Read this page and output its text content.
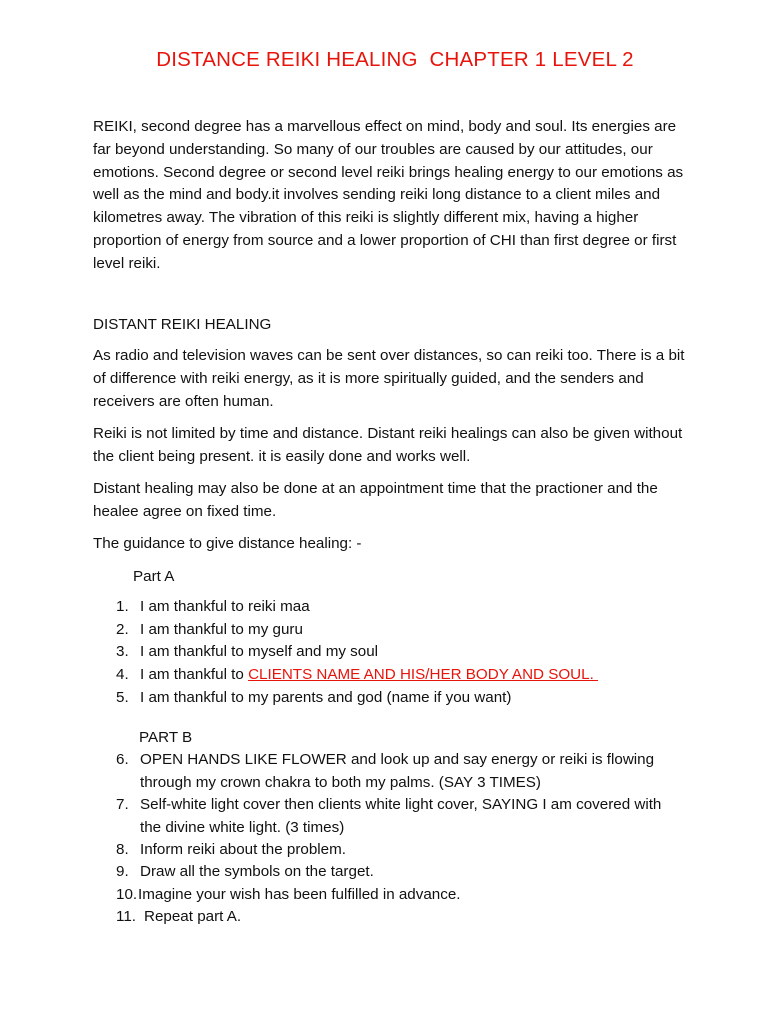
DISTANCE REIKI HEALING  CHAPTER 1 LEVEL 2

REIKI, second degree has a marvellous effect on mind, body and soul. Its energies are far beyond understanding. So many of our troubles are caused by our attitudes, our emotions. Second degree or second level reiki brings healing energy to our emotions as well as the mind and body.it involves sending reiki long distance to a client miles and kilometres away. The vibration of this reiki is slightly different mix, having a higher proportion of energy from source and a lower proportion of CHI than first degree or first level reiki.

DISTANT REIKI HEALING

As radio and television waves can be sent over distances, so can reiki too. There is a bit of difference with reiki energy, as it is more spiritually guided, and the senders and receivers are often human.

Reiki is not limited by time and distance. Distant reiki healings can also be given without the client being present. it is easily done and works well.

Distant healing may also be done at an appointment time that the practioner and the healee agree on fixed time.

The guidance to give distance healing: -

Part A

1. I am thankful to reiki maa
2. I am thankful to my guru
3. I am thankful to myself and my soul
4. I am thankful to CLIENTS NAME AND HIS/HER BODY AND SOUL.
5. I am thankful to my parents and god (name if you want)

PART B

6. OPEN HANDS LIKE FLOWER and look up and say energy or reiki is flowing through my crown chakra to both my palms. (SAY 3 TIMES)
7. Self-white light cover then clients white light cover, SAYING I am covered with the divine white light. (3 times)
8. Inform reiki about the problem.
9. Draw all the symbols on the target.
10. Imagine your wish has been fulfilled in advance.
11. Repeat part A.
